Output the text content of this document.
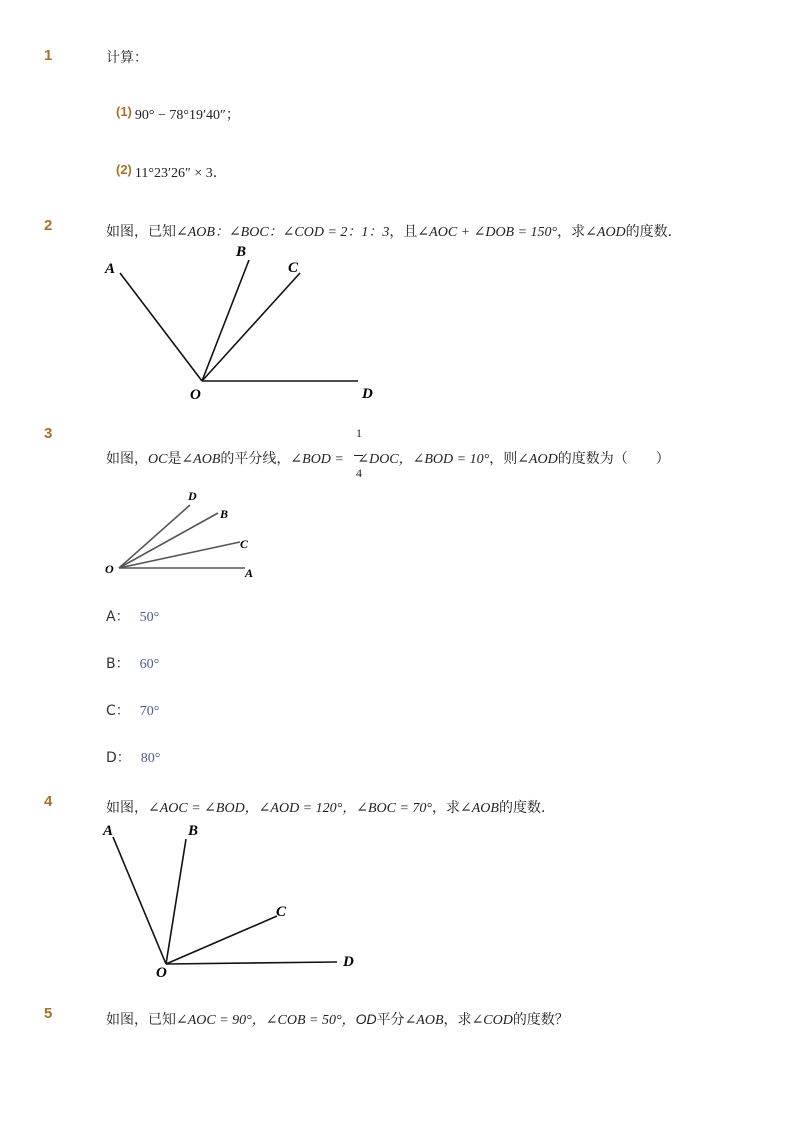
1	计算：
(1) 90° − 78°19′40″；
(2) 11°23′26″ × 3．
2	如图，已知∠AOB：∠BOC：∠COD = 2：1：3，且∠AOC + ∠DOB = 150°，求∠AOD的度数．
A
B
C
O	D
3	1
4
如图，OC是∠AOB的平分线，∠BOD = ∠DOC，∠BOD = 10°，则∠AOD的度数为（　　）
D
B
C
O	A
A： 50°
B： 60°
C： 70°
D： 80°
4	如图，∠AOC = ∠BOD，∠AOD = 120°，∠BOC = 70°，求∠AOB的度数．
A	B
C
O
D
5	如图，已知∠AOC = 90°，∠COB = 50°，OD平分∠AOB，求∠COD的度数？
